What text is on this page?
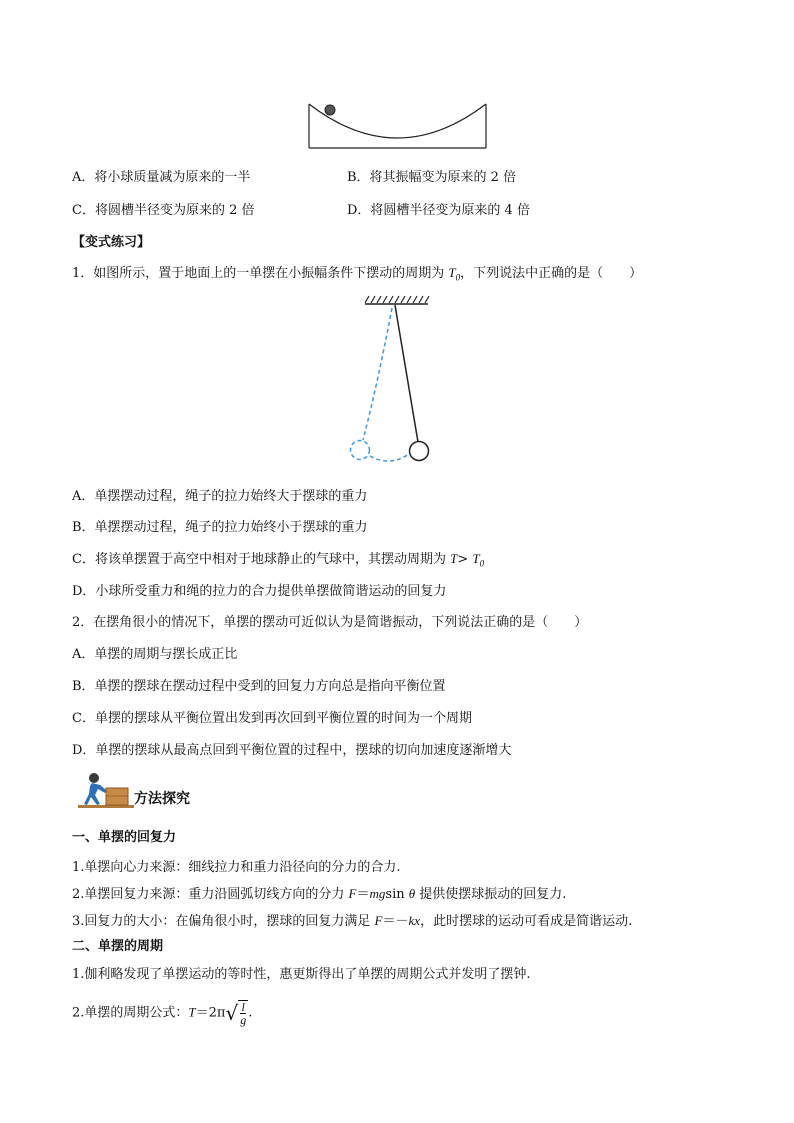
A．将小球质量减为原来的一半	B．将其振幅变为原来的 2 倍
C．将圆槽半径变为原来的 2 倍	D．将圆槽半径变为原来的 4 倍
【变式练习】
1．如图所示，置于地面上的一单摆在小振幅条件下摆动的周期为 $T_0$，下列说法中正确的是（　　）
A．单摆摆动过程，绳子的拉力始终大于摆球的重力
B．单摆摆动过程，绳子的拉力始终小于摆球的重力
C．将该单摆置于高空中相对于地球静止的气球中，其摆动周期为 $T> T_0$
D．小球所受重力和绳的拉力的合力提供单摆做简谐运动的回复力
2．在摆角很小的情况下，单摆的摆动可近似认为是简谐振动，下列说法正确的是（　　）
A．单摆的周期与摆长成正比
B．单摆的摆球在摆动过程中受到的回复力方向总是指向平衡位置
C．单摆的摆球从平衡位置出发到再次回到平衡位置的时间为一个周期
D．单摆的摆球从最高点回到平衡位置的过程中，摆球的切向加速度逐渐增大
方法探究
一、单摆的回复力
1.单摆向心力来源：细线拉力和重力沿径向的分力的合力.
2.单摆回复力来源：重力沿圆弧切线方向的分力 F＝mgsin θ 提供使摆球振动的回复力.
3.回复力的大小：在偏角很小时，摆球的回复力满足 F＝－kx，此时摆球的运动可看成是简谐运动.
二、单摆的周期
1.伽利略发现了单摆运动的等时性，惠更斯得出了单摆的周期公式并发明了摆钟.
2.单摆的周期公式：$T=2\pi√ \frac{l}{g}$ .
